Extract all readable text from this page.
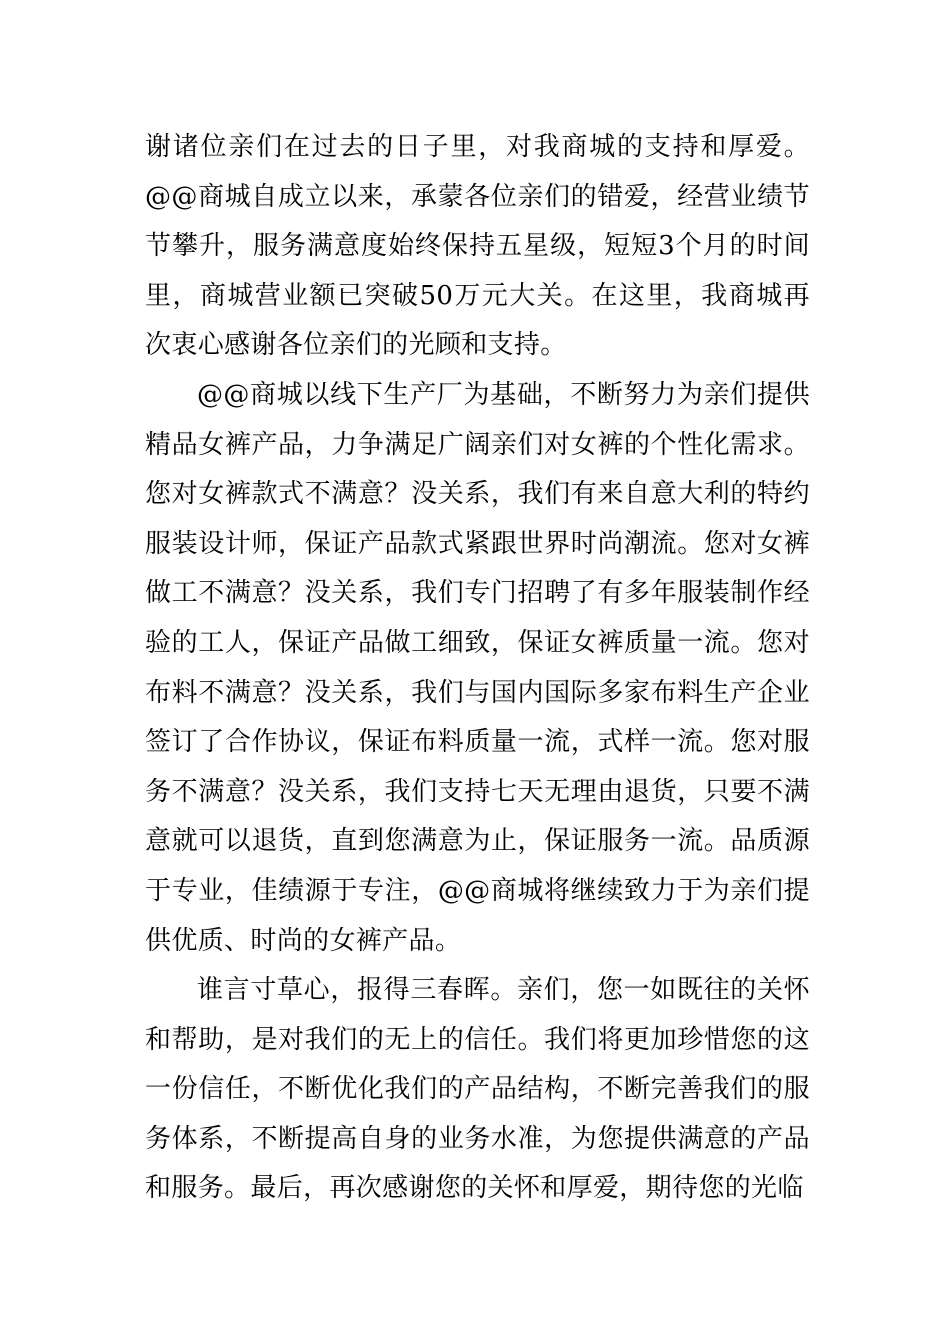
谢诸位亲们在过去的日子里，对我商城的支持和厚爱。@@商城自成立以来，承蒙各位亲们的错爱，经营业绩节节攀升，服务满意度始终保持五星级，短短3个月的时间里，商城营业额已突破50万元大关。在这里，我商城再次衷心感谢各位亲们的光顾和支持。

@@商城以线下生产厂为基础，不断努力为亲们提供精品女裤产品，力争满足广阔亲们对女裤的个性化需求。您对女裤款式不满意？没关系，我们有来自意大利的特约服装设计师，保证产品款式紧跟世界时尚潮流。您对女裤做工不满意？没关系，我们专门招聘了有多年服装制作经验的工人，保证产品做工细致，保证女裤质量一流。您对布料不满意？没关系，我们与国内国际多家布料生产企业签订了合作协议，保证布料质量一流，式样一流。您对服务不满意？没关系，我们支持七天无理由退货，只要不满意就可以退货，直到您满意为止，保证服务一流。品质源于专业，佳绩源于专注，@@商城将继续致力于为亲们提供优质、时尚的女裤产品。

谁言寸草心，报得三春晖。亲们，您一如既往的关怀和帮助，是对我们的无上的信任。我们将更加珍惜您的这一份信任，不断优化我们的产品结构，不断完善我们的服务体系，不断提高自身的业务水准，为您提供满意的产品和服务。最后，再次感谢您的关怀和厚爱，期待您的光临
